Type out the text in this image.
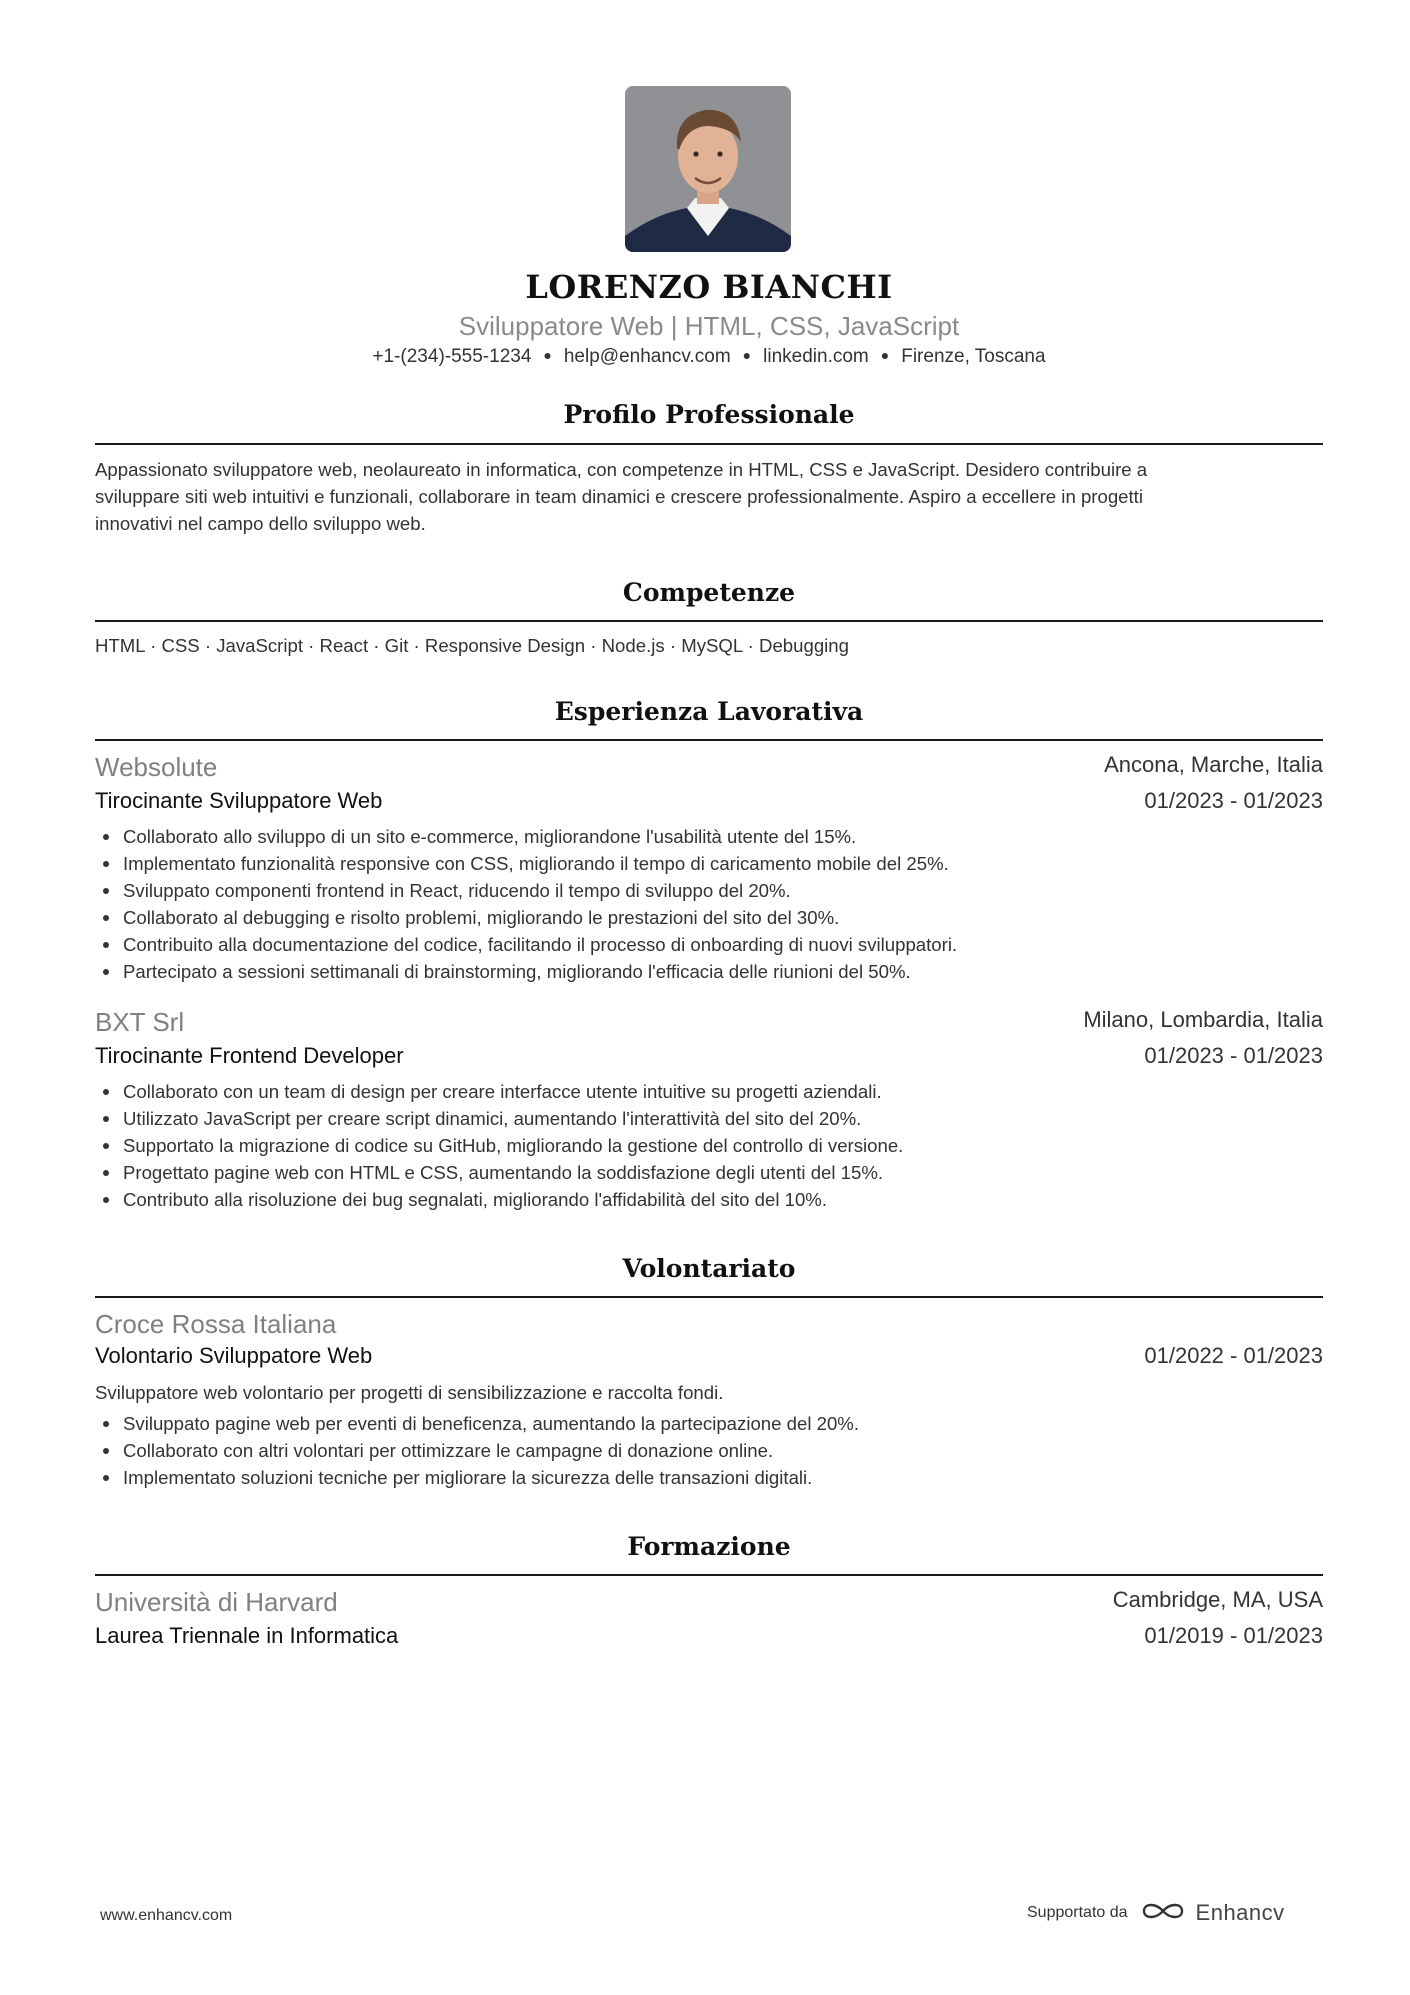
LORENZO BIANCHI
Sviluppatore Web | HTML, CSS, JavaScript
+1-(234)-555-1234 ● help@enhancv.com ● linkedin.com ● Firenze, Toscana
Profilo Professionale
Appassionato sviluppatore web, neolaureato in informatica, con competenze in HTML, CSS e JavaScript. Desidero contribuire a
sviluppare siti web intuitivi e funzionali, collaborare in team dinamici e crescere professionalmente. Aspiro a eccellere in progetti
innovativi nel campo dello sviluppo web.
Competenze
HTML · CSS · JavaScript · React · Git · Responsive Design · Node.js · MySQL · Debugging
Esperienza Lavorativa
Websolute	Ancona, Marche, Italia
Tirocinante Sviluppatore Web	01/2023 - 01/2023
Collaborato allo sviluppo di un sito e-commerce, migliorandone l'usabilità utente del 15%.
Implementato funzionalità responsive con CSS, migliorando il tempo di caricamento mobile del 25%.
Sviluppato componenti frontend in React, riducendo il tempo di sviluppo del 20%.
Collaborato al debugging e risolto problemi, migliorando le prestazioni del sito del 30%.
Contribuito alla documentazione del codice, facilitando il processo di onboarding di nuovi sviluppatori.
Partecipato a sessioni settimanali di brainstorming, migliorando l'efficacia delle riunioni del 50%.
BXT Srl	Milano, Lombardia, Italia
Tirocinante Frontend Developer	01/2023 - 01/2023
Collaborato con un team di design per creare interfacce utente intuitive su progetti aziendali.
Utilizzato JavaScript per creare script dinamici, aumentando l'interattività del sito del 20%.
Supportato la migrazione di codice su GitHub, migliorando la gestione del controllo di versione.
Progettato pagine web con HTML e CSS, aumentando la soddisfazione degli utenti del 15%.
Contributo alla risoluzione dei bug segnalati, migliorando l'affidabilità del sito del 10%.
Volontariato
Croce Rossa Italiana
Volontario Sviluppatore Web	01/2022 - 01/2023
Sviluppatore web volontario per progetti di sensibilizzazione e raccolta fondi.
Sviluppato pagine web per eventi di beneficenza, aumentando la partecipazione del 20%.
Collaborato con altri volontari per ottimizzare le campagne di donazione online.
Implementato soluzioni tecniche per migliorare la sicurezza delle transazioni digitali.
Formazione
Università di Harvard	Cambridge, MA, USA
Laurea Triennale in Informatica	01/2019 - 01/2023
www.enhancv.com	Supportato da	Enhancv
